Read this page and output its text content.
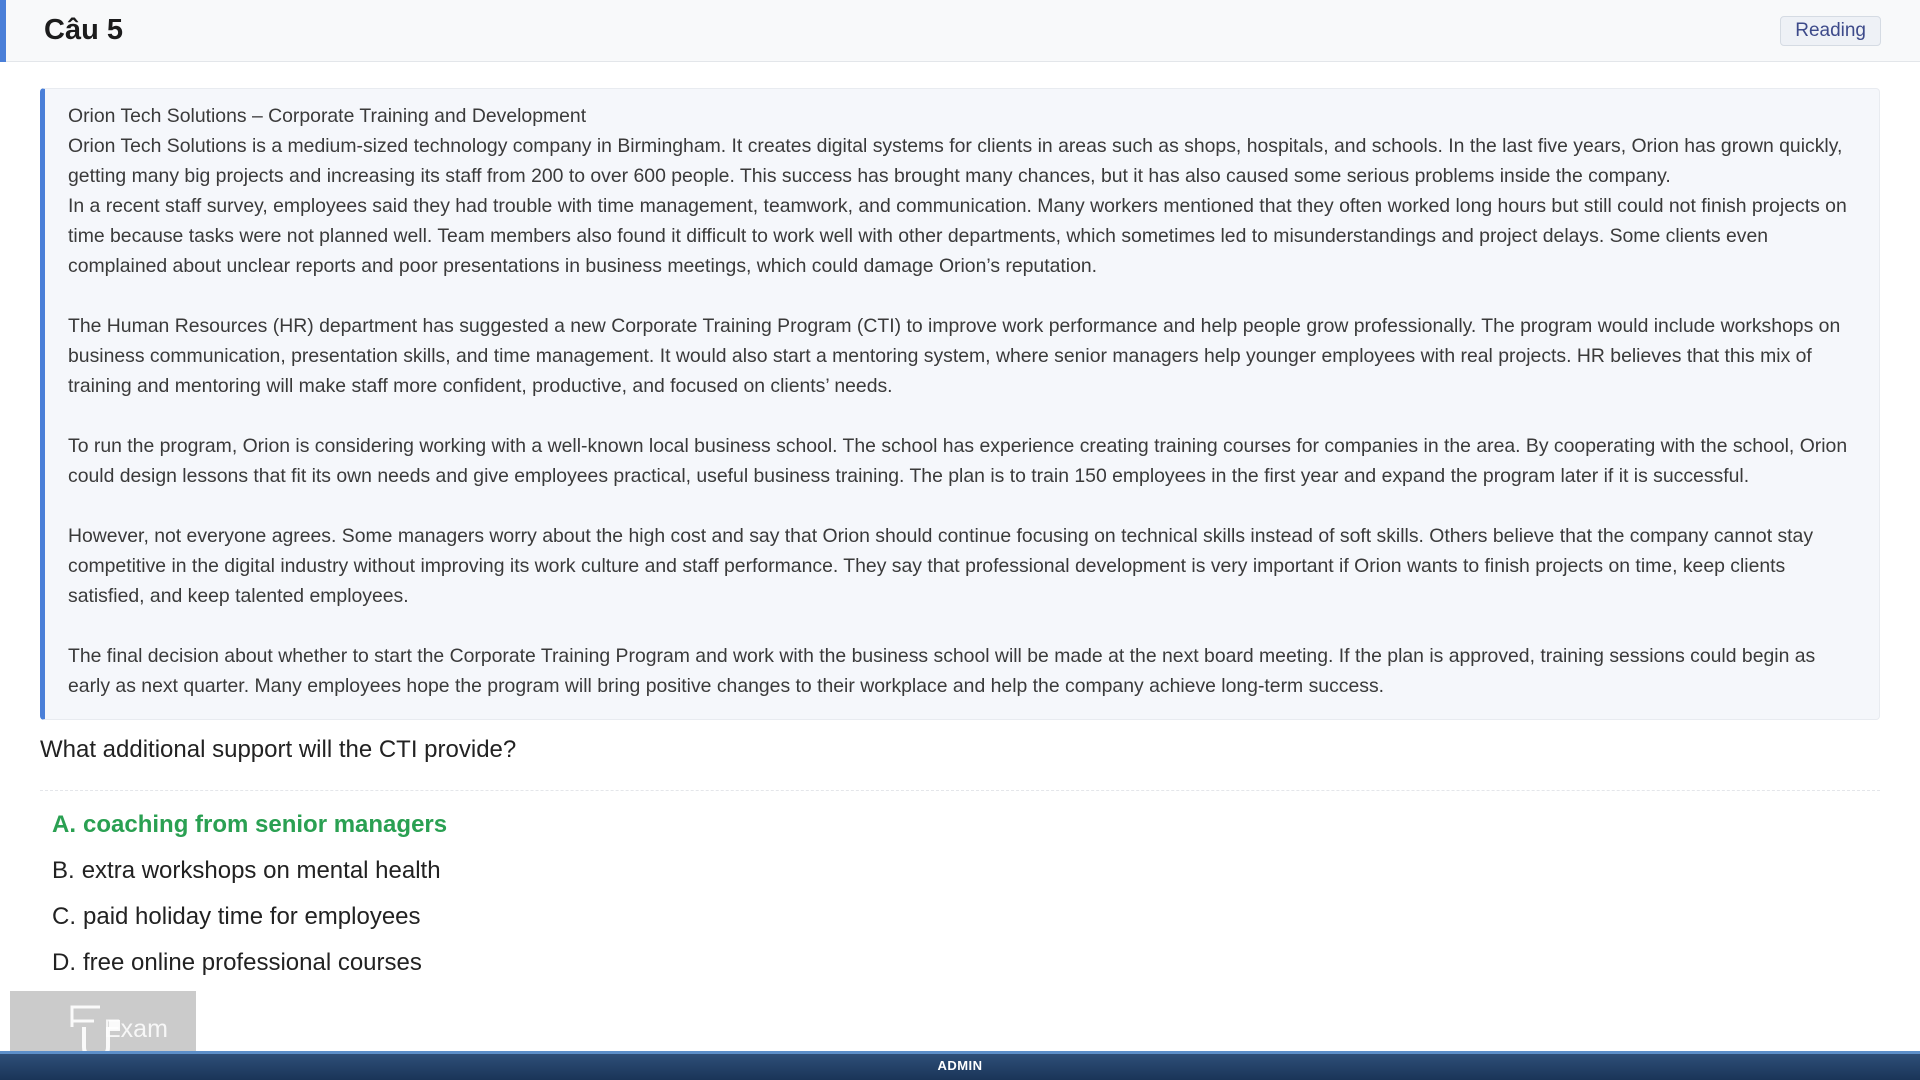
Câu 5	Reading

Orion Tech Solutions – Corporate Training and Development

Orion Tech Solutions is a medium-sized technology company in Birmingham. It creates digital systems for clients in areas such as shops, hospitals, and schools. In the last five years, Orion has grown quickly, getting many big projects and increasing its staff from 200 to over 600 people. This success has brought many chances, but it has also caused some serious problems inside the company.

In a recent staff survey, employees said they had trouble with time management, teamwork, and communication. Many workers mentioned that they often worked long hours but still could not finish projects on time because tasks were not planned well. Team members also found it difficult to work well with other departments, which sometimes led to misunderstandings and project delays. Some clients even complained about unclear reports and poor presentations in business meetings, which could damage Orion’s reputation.

The Human Resources (HR) department has suggested a new Corporate Training Program (CTI) to improve work performance and help people grow professionally. The program would include workshops on business communication, presentation skills, and time management. It would also start a mentoring system, where senior managers help younger employees with real projects. HR believes that this mix of training and mentoring will make staff more confident, productive, and focused on clients’ needs.

To run the program, Orion is considering working with a well-known local business school. The school has experience creating training courses for companies in the area. By cooperating with the school, Orion could design lessons that fit its own needs and give employees practical, useful business training. The plan is to train 150 employees in the first year and expand the program later if it is successful.

However, not everyone agrees. Some managers worry about the high cost and say that Orion should continue focusing on technical skills instead of soft skills. Others believe that the company cannot stay competitive in the digital industry without improving its work culture and staff performance. They say that professional development is very important if Orion wants to finish projects on time, keep clients satisfied, and keep talented employees.

The final decision about whether to start the Corporate Training Program and work with the business school will be made at the next board meeting. If the plan is approved, training sessions could begin as early as next quarter. Many employees hope the program will bring positive changes to their workplace and help the company achieve long-term success.

What additional support will the CTI provide?
A. coaching from senior managers
B. extra workshops on mental health
C. paid holiday time for employees
D. free online professional courses
Exam
ADMIN
